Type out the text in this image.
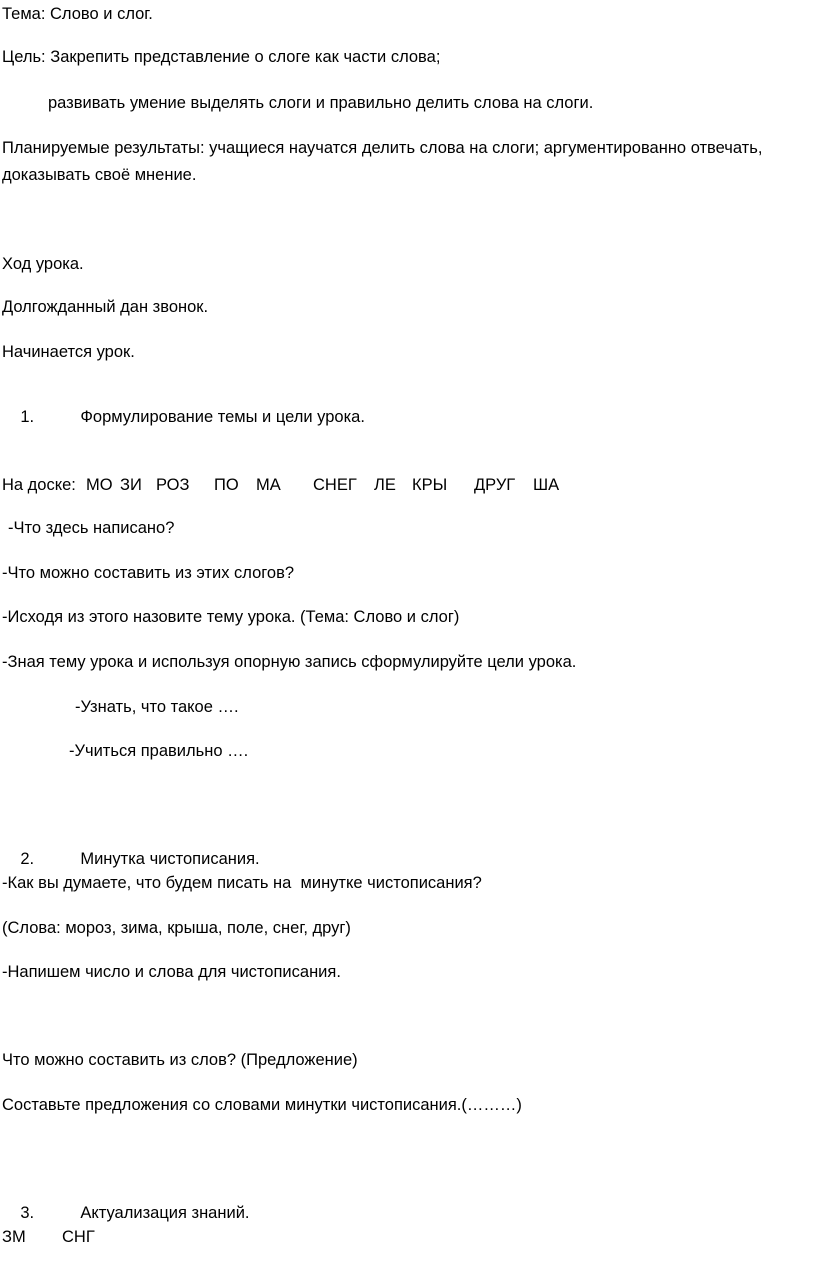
Тема: Слово и слог.
Цель: Закрепить представление о слоге как части слова;
развивать умение выделять слоги и правильно делить слова на слоги.
Планируемые результаты: учащиеся научатся делить слова на слоги; аргументированно отвечать,
доказывать своё мнение.
Ход урока.
Долгожданный дан звонок.
Начинается урок.

1.	Формулирование темы и цели урока.

На доске: МО ЗИ РОЗ ПО МА СНЕГ ЛЕ КРЫ ДРУГ ША
-Что здесь написано?
-Что можно составить из этих слогов?
-Исходя из этого назовите тему урока. (Тема: Слово и слог)
-Зная тему урока и используя опорную запись сформулируйте цели урока.
-Узнать, что такое ….
-Учиться правильно ….

2.	Минутка чистописания.

-Как вы думаете, что будем писать на  минутке чистописания?
(Слова: мороз, зима, крыша, поле, снег, друг)
-Напишем число и слова для чистописания.
Что можно составить из слов? (Предложение)
Составьте предложения со словами минутки чистописания.(………)

3.	Актуализация знаний.

ЗМ СНГ
